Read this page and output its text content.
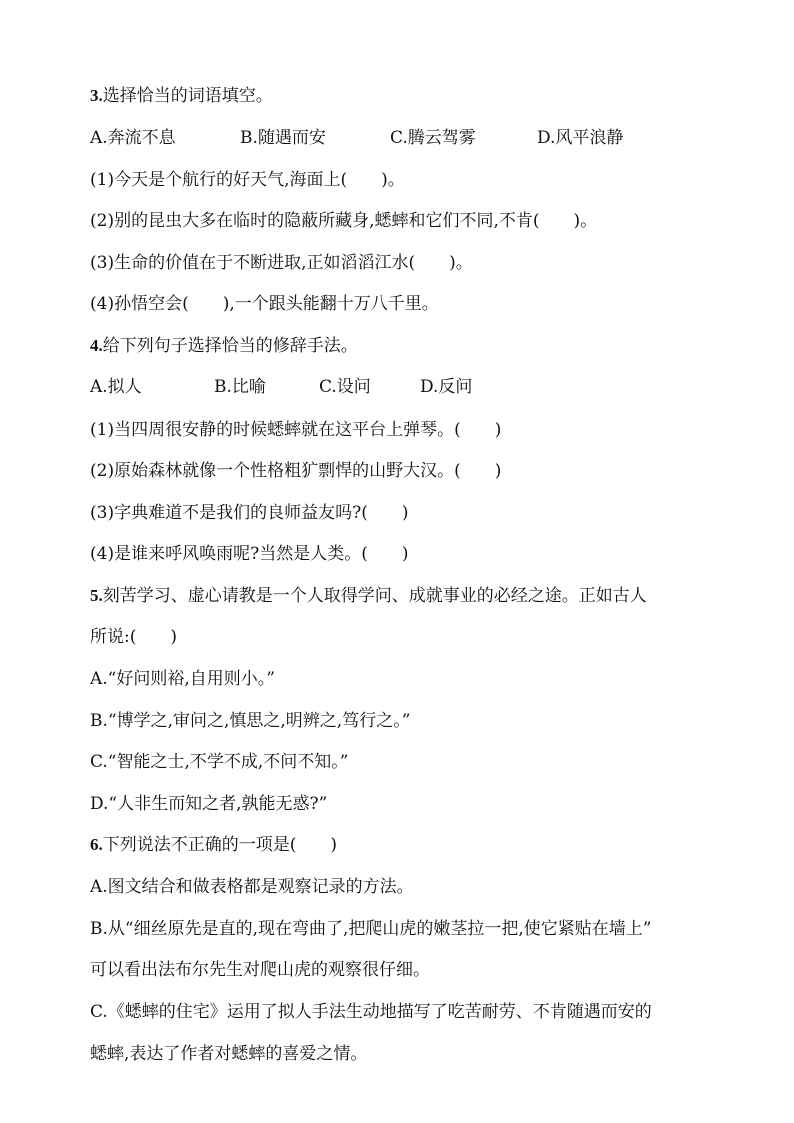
3.选择恰当的词语填空。
A.奔流不息	B.随遇而安	C.腾云驾雾	D.风平浪静
(1)今天是个航行的好天气,海面上(　　)。
(2)别的昆虫大多在临时的隐蔽所藏身,蟋蟀和它们不同,不肯(　　)。
(3)生命的价值在于不断进取,正如滔滔江水(　　)。
(4)孙悟空会(　　),一个跟头能翻十万八千里。
4.给下列句子选择恰当的修辞手法。
A.拟人	B.比喻	C.设问	D.反问
(1)当四周很安静的时候蟋蟀就在这平台上弹琴。(　　)
(2)原始森林就像一个性格粗犷剽悍的山野大汉。(　　)
(3)字典难道不是我们的良师益友吗?(　　)
(4)是谁来呼风唤雨呢?当然是人类。(　　)
5.刻苦学习、虚心请教是一个人取得学问、成就事业的必经之途。正如古人
所说:(　　)
A.“好问则裕,自用则小。”
B.“博学之,审问之,慎思之,明辨之,笃行之。”
C.“智能之士,不学不成,不问不知。”
D.“人非生而知之者,孰能无惑?”
6.下列说法不正确的一项是(　　)
A.图文结合和做表格都是观察记录的方法。
B.从“细丝原先是直的,现在弯曲了,把爬山虎的嫩茎拉一把,使它紧贴在墙上”
可以看出法布尔先生对爬山虎的观察很仔细。
C.《蟋蟀的住宅》运用了拟人手法生动地描写了吃苦耐劳、不肯随遇而安的
蟋蟀,表达了作者对蟋蟀的喜爱之情。
